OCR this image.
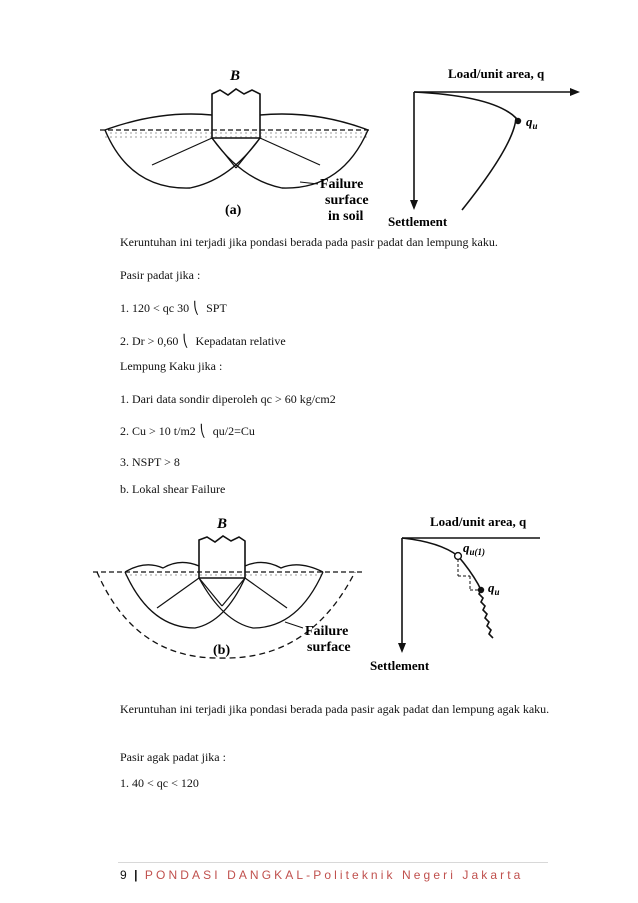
B
Failure
surface
in soil
(a)
Load/unit area, q
$q_u$
Settlement
Keruntuhan ini terjadi jika pondasi berada pada pasir padat dan lempung kaku.
Pasir padat jika :
1. 120 < qc 30 ⎝ SPT
2. Dr > 0,60 ⎝ Kepadatan relative
Lempung Kaku jika :
1. Dari data sondir diperoleh qc > 60 kg/cm2
2. Cu > 10 t/m2 ⎝ qu/2=Cu
3. NSPT > 8
b. Lokal shear Failure
B
Failure
surface
(b)
Load/unit area, q
$q_{u(1)}$
$q_u$
Settlement
Keruntuhan ini terjadi jika pondasi berada pada pasir agak padat dan lempung agak kaku.
Pasir agak padat jika :
1. 40 < qc < 120
9 | PONDASI DANGKAL-Politeknik Negeri Jakarta
